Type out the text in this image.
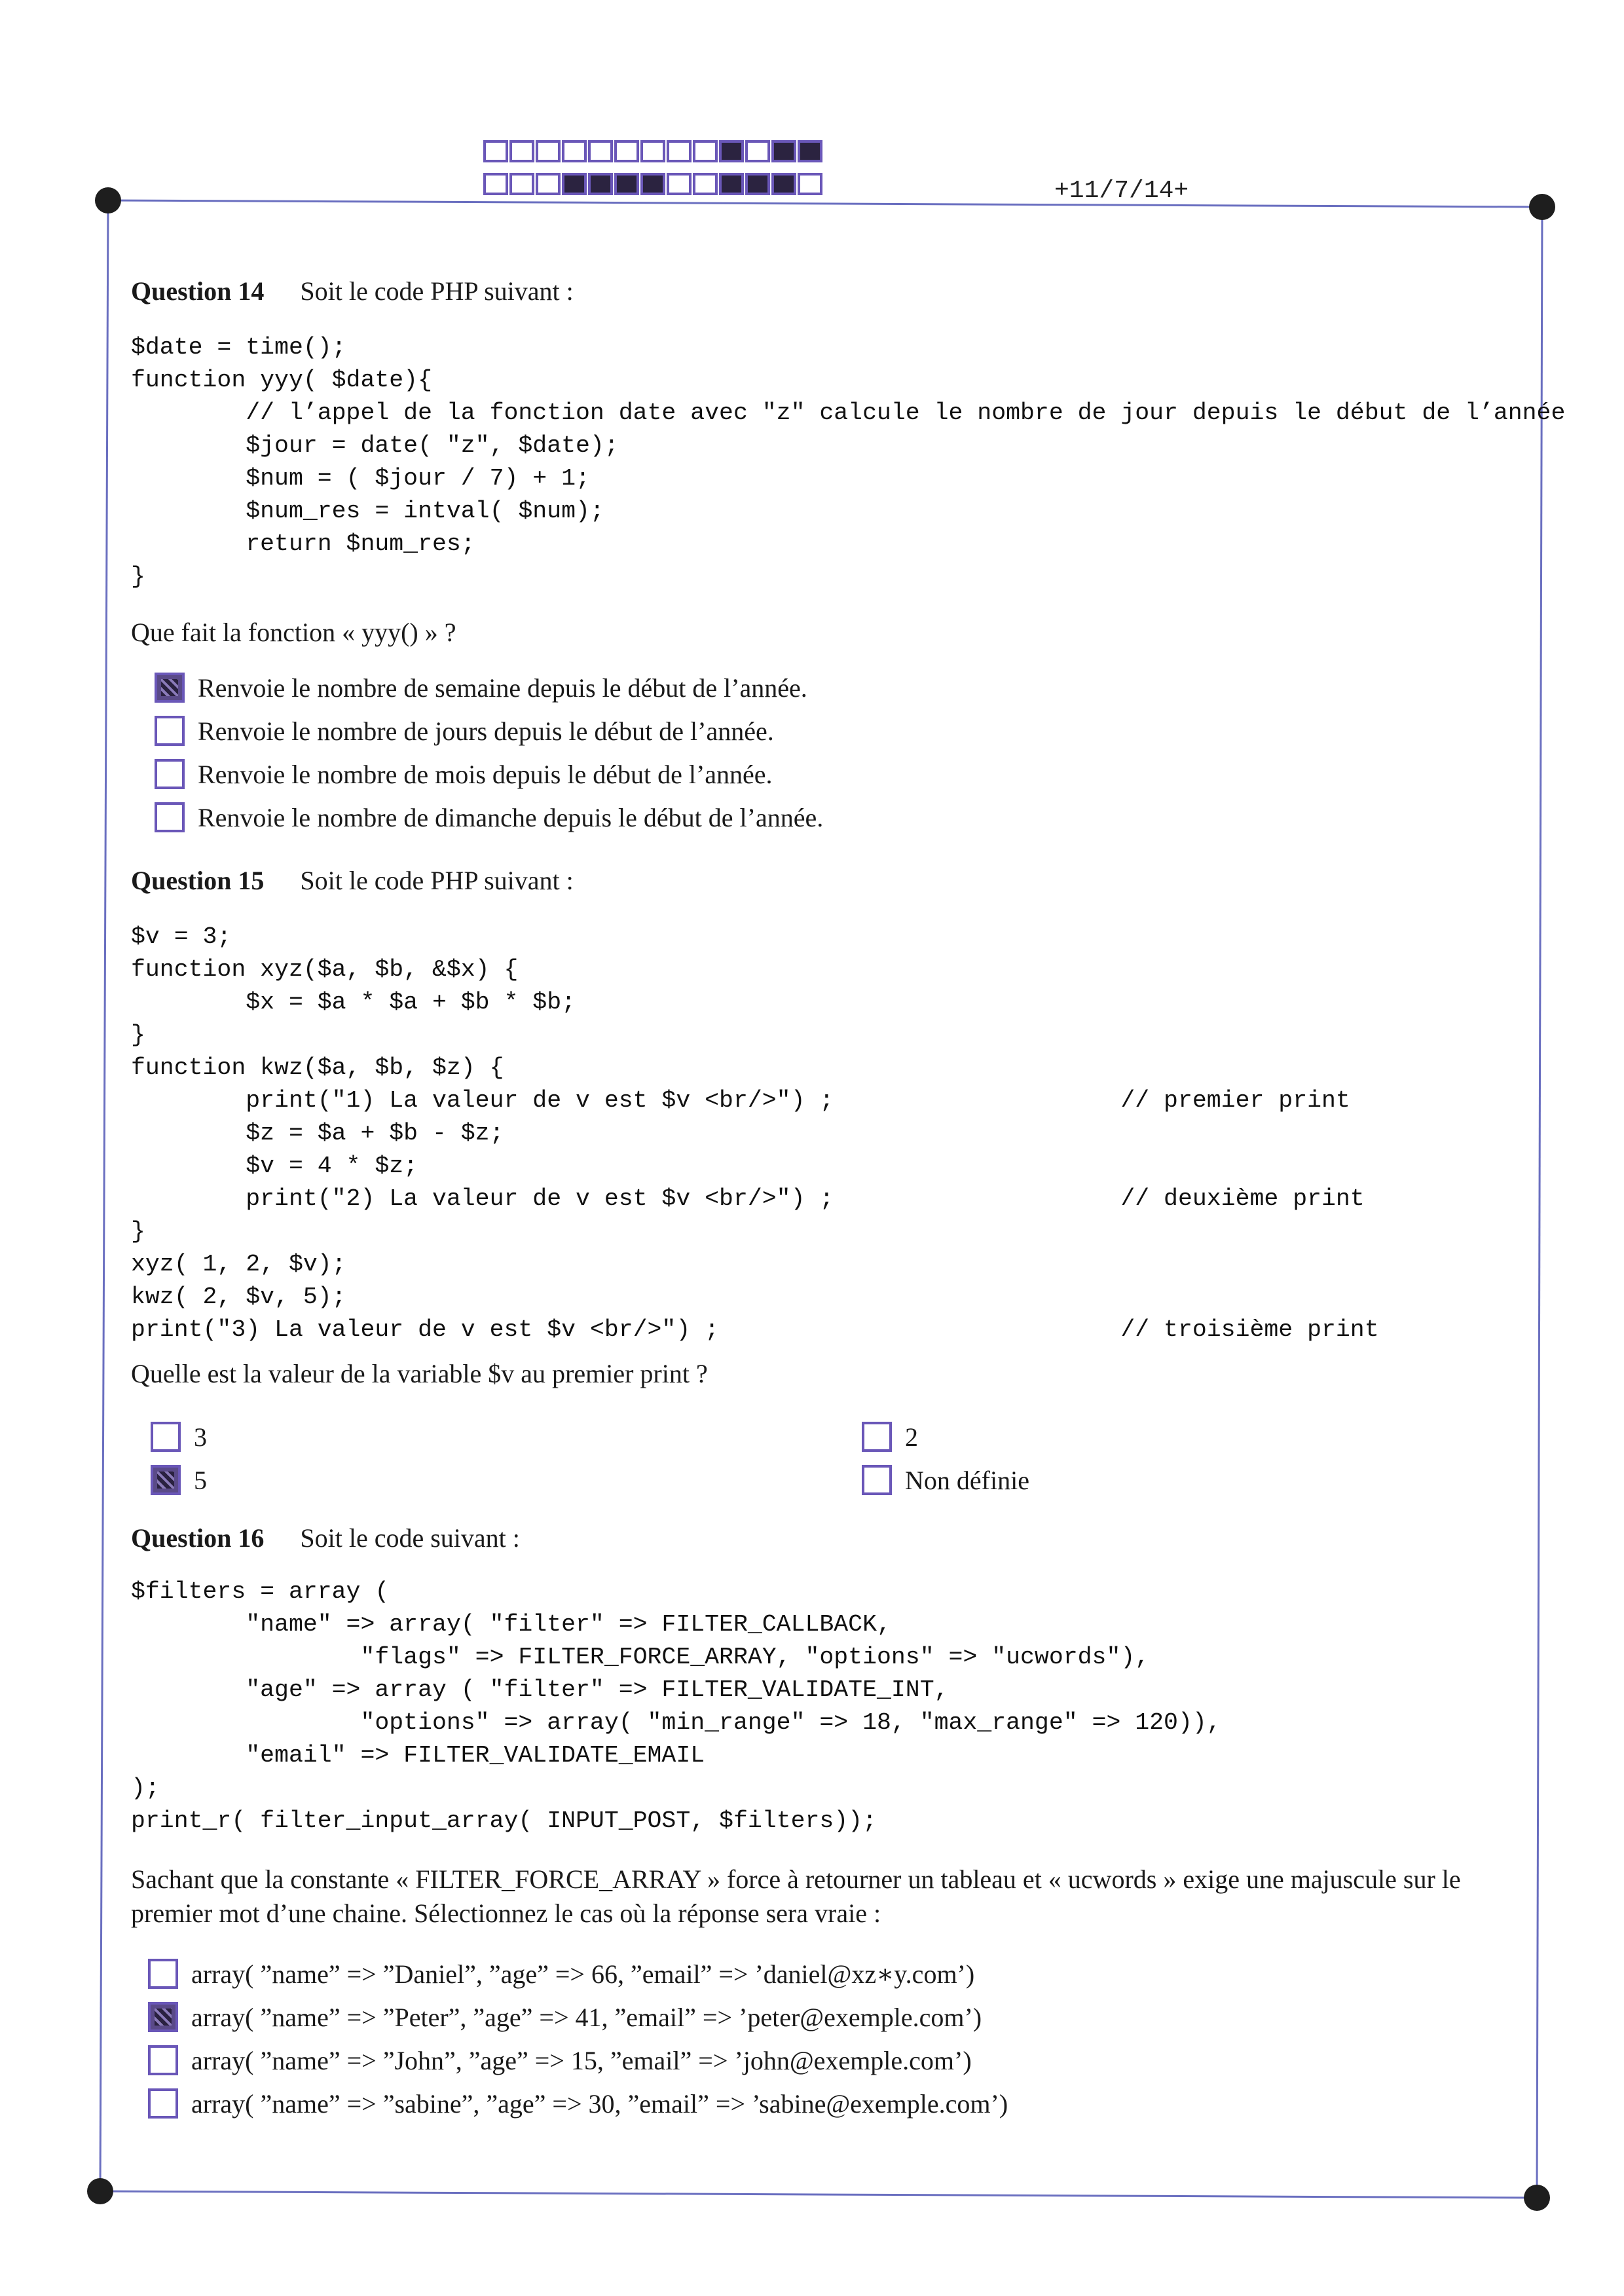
+11/7/14+
Question 14 Soit le code PHP suivant :
$date = time();
function yyy( $date){
// l’appel de la fonction date avec "z" calcule le nombre de jour depuis le début de l’année
$jour = date( "z", $date);
$num = ( $jour / 7) + 1;
$num_res = intval( $num);
return $num_res;
}
Que fait la fonction « yyy() » ?
Renvoie le nombre de semaine depuis le début de l’année.
Renvoie le nombre de jours depuis le début de l’année.
Renvoie le nombre de mois depuis le début de l’année.
Renvoie le nombre de dimanche depuis le début de l’année.
Question 15 Soit le code PHP suivant :
$v = 3;
function xyz($a, $b, &$x) {
$x = $a * $a + $b * $b;
}
function kwz($a, $b, $z) {
print("1) La valeur de v est $v <br/>") ;                    // premier print
$z = $a + $b - $z;
$v = 4 * $z;
print("2) La valeur de v est $v <br/>") ;                    // deuxième print
}
xyz( 1, 2, $v);
kwz( 2, $v, 5);
print("3) La valeur de v est $v <br/>") ;                            // troisième print
Quelle est la valeur de la variable $v au premier print ?
3
5
2
Non définie
Question 16 Soit le code suivant :
$filters = array (
"name" => array( "filter" => FILTER_CALLBACK,
"flags" => FILTER_FORCE_ARRAY, "options" => "ucwords"),
"age" => array ( "filter" => FILTER_VALIDATE_INT,
"options" => array( "min_range" => 18, "max_range" => 120)),
"email" => FILTER_VALIDATE_EMAIL
);
print_r( filter_input_array( INPUT_POST, $filters));
Sachant que la constante « FILTER_FORCE_ARRAY » force à retourner un tableau et « ucwords » exige une majuscule sur le premier mot d’une chaine. Sélectionnez le cas où la réponse sera vraie :
array( ”name” => ”Daniel”, ”age” => 66, ”email” => ’daniel@xz∗y.com’)
array( ”name” => ”Peter”, ”age” => 41, ”email” => ’peter@exemple.com’)
array( ”name” => ”John”, ”age” => 15, ”email” => ’john@exemple.com’)
array( ”name” => ”sabine”, ”age” => 30, ”email” => ’sabine@exemple.com’)
